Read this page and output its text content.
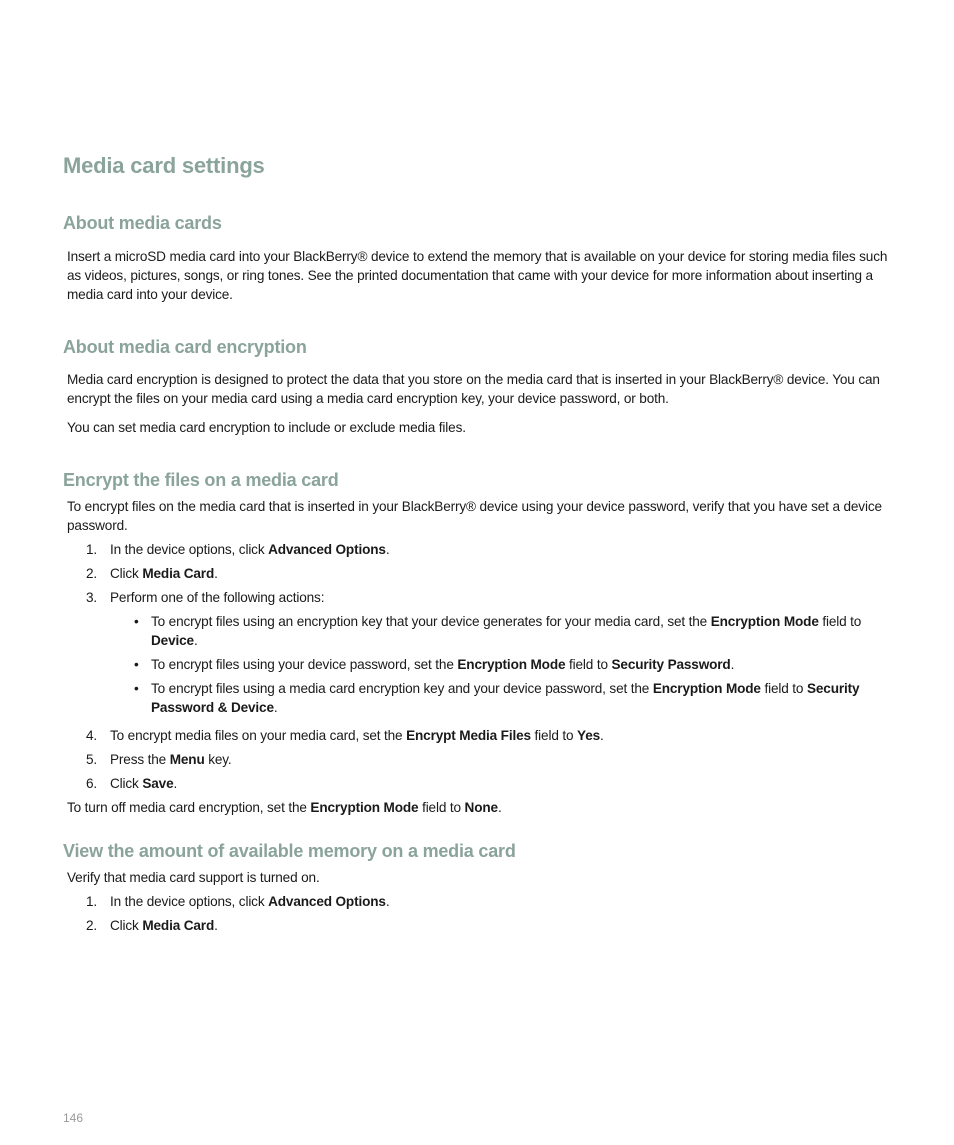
Media card settings
About media cards

Insert a microSD media card into your BlackBerry® device to extend the memory that is available on your device for storing media files such as videos, pictures, songs, or ring tones. See the printed documentation that came with your device for more information about inserting a media card into your device.

About media card encryption

Media card encryption is designed to protect the data that you store on the media card that is inserted in your BlackBerry® device. You can encrypt the files on your media card using a media card encryption key, your device password, or both.

You can set media card encryption to include or exclude media files.

Encrypt the files on a media card

To encrypt files on the media card that is inserted in your BlackBerry® device using your device password, verify that you have set a device password.

1. In the device options, click Advanced Options.
2. Click Media Card.
3. Perform one of the following actions:
• To encrypt files using an encryption key that your device generates for your media card, set the Encryption Mode field to Device.
• To encrypt files using your device password, set the Encryption Mode field to Security Password.
• To encrypt files using a media card encryption key and your device password, set the Encryption Mode field to Security Password & Device.
4. To encrypt media files on your media card, set the Encrypt Media Files field to Yes.
5. Press the Menu key.
6. Click Save.

To turn off media card encryption, set the Encryption Mode field to None.

View the amount of available memory on a media card

Verify that media card support is turned on.

1. In the device options, click Advanced Options.
2. Click Media Card.
146
